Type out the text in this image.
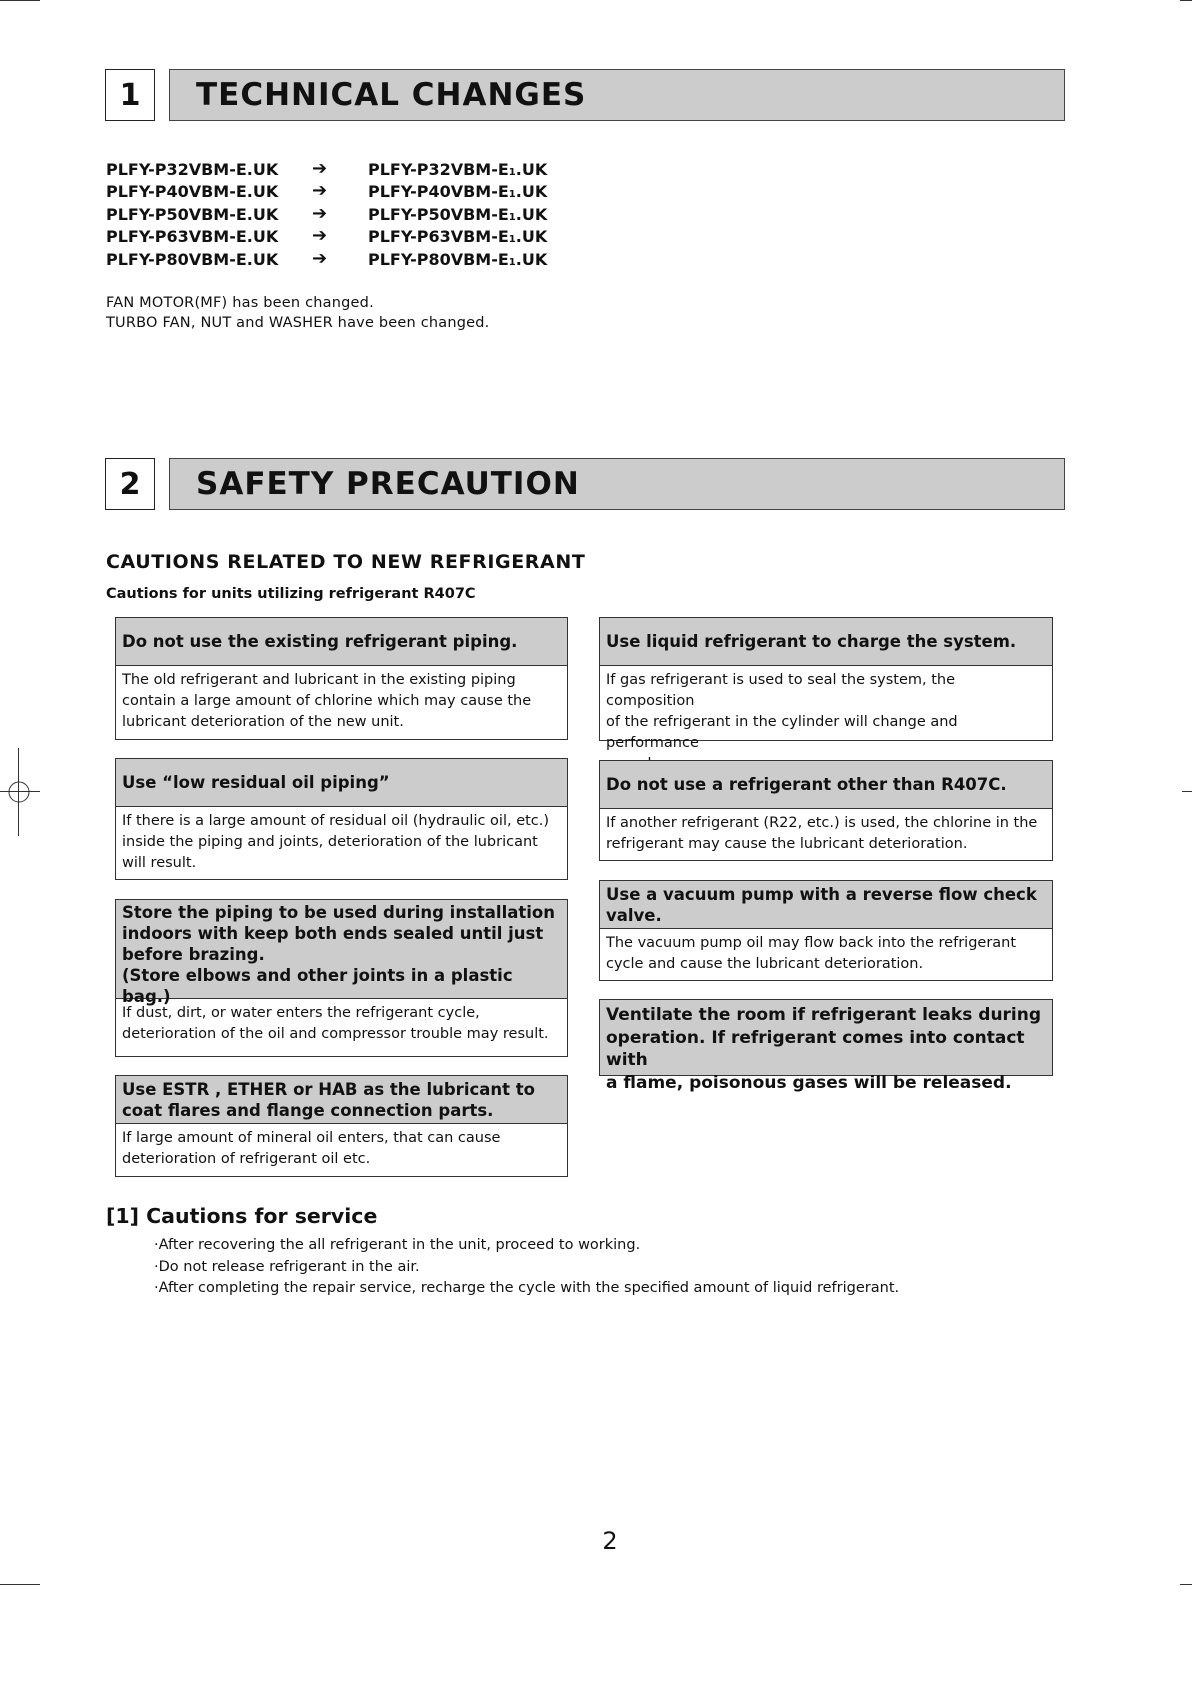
1	TECHNICAL CHANGES
PLFY-P32VBM-E.UK ➔	PLFY-P32VBM-E1.UK
PLFY-P40VBM-E.UK ➔	PLFY-P40VBM-E1.UK
PLFY-P50VBM-E.UK ➔	PLFY-P50VBM-E1.UK
PLFY-P63VBM-E.UK ➔	PLFY-P63VBM-E1.UK
PLFY-P80VBM-E.UK ➔	PLFY-P80VBM-E1.UK
FAN MOTOR(MF) has been changed.
TURBO FAN, NUT and WASHER have been changed.
2	SAFETY PRECAUTION
CAUTIONS RELATED TO NEW REFRIGERANT
Cautions for units utilizing refrigerant R407C
Do not use the existing refrigerant piping.
The old refrigerant and lubricant in the existing piping
contain a large amount of chlorine which may cause the
lubricant deterioration of the new unit.
Use “low residual oil piping”
If there is a large amount of residual oil (hydraulic oil, etc.)
inside the piping and joints, deterioration of the lubricant
will result.
Store the piping to be used during installation
indoors with keep both ends sealed until just
before brazing.
(Store elbows and other joints in a plastic bag.)
If dust, dirt, or water enters the refrigerant cycle,
deterioration of the oil and compressor trouble may result.
Use ESTR , ETHER or HAB as the lubricant to
coat flares and flange connection parts.
If large amount of mineral oil enters, that can cause
deterioration of refrigerant oil etc.
Use liquid refrigerant to charge the system.
If gas refrigerant is used to seal the system, the composition
of the refrigerant in the cylinder will change and performance
Do not use a refrigerant other than R407C.
If another refrigerant (R22, etc.) is used, the chlorine in the
refrigerant may cause the lubricant deterioration.
Use a vacuum pump with a reverse flow check valve.
The vacuum pump oil may flow back into the refrigerant
cycle and cause the lubricant deterioration.
Ventilate the room if refrigerant leaks during
operation. If refrigerant comes into contact with
a flame, poisonous gases will be released.
[1] Cautions for service
·After recovering the all refrigerant in the unit, proceed to working.
·Do not release refrigerant in the air.
·After completing the repair service, recharge the cycle with the specified amount of liquid refrigerant.
2
